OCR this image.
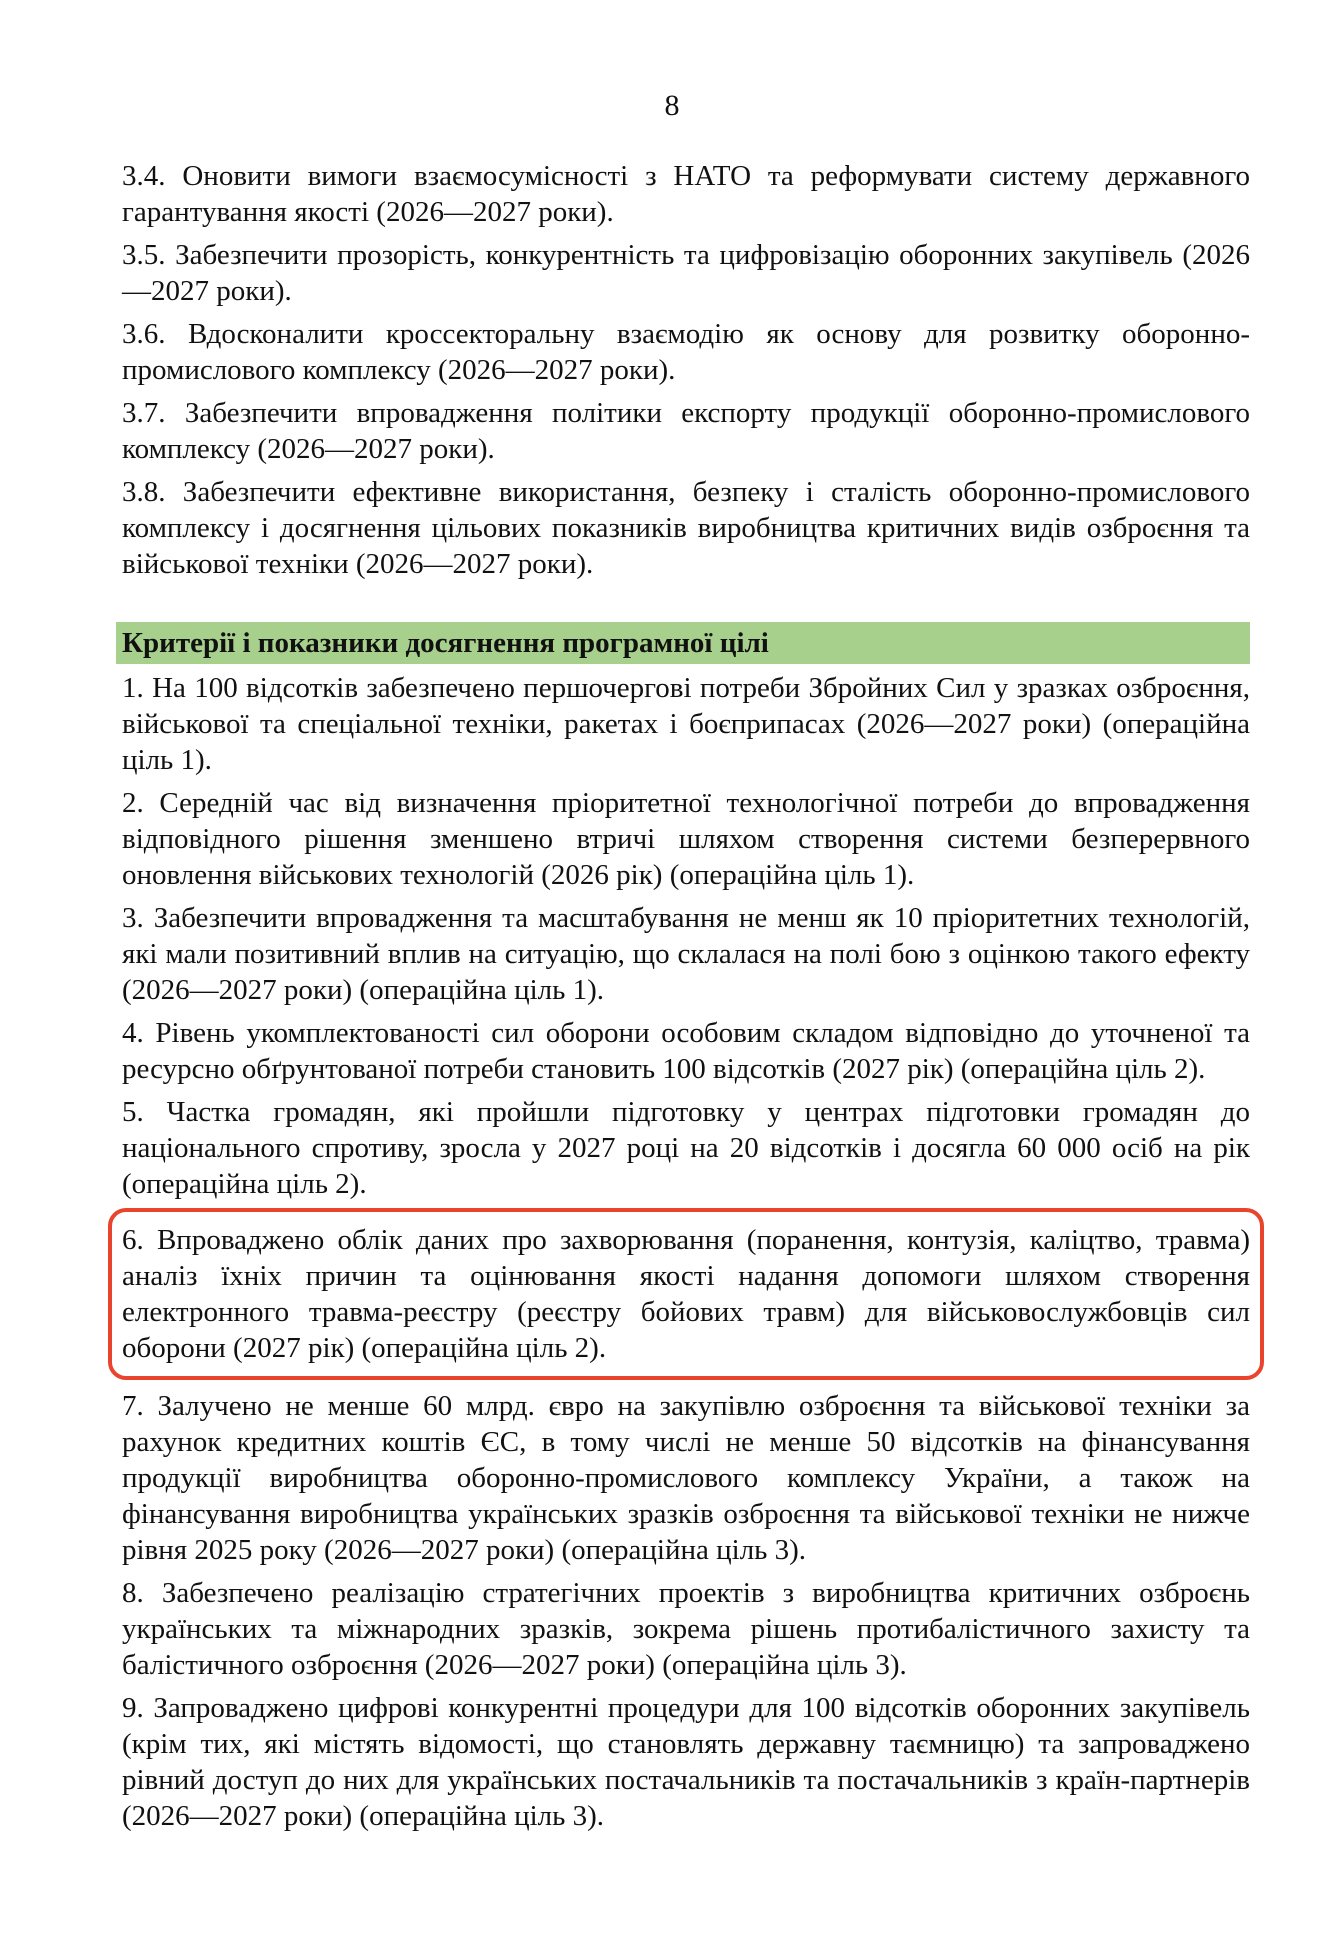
8

3.4. Оновити вимоги взаємосумісності з НАТО та реформувати систему державного гарантування якості (2026—2027 роки).

3.5. Забезпечити прозорість, конкурентність та цифровізацію оборонних закупівель (2026—2027 роки).

3.6. Вдосконалити кроссекторальну взаємодію як основу для розвитку оборонно-промислового комплексу (2026—2027 роки).

3.7. Забезпечити впровадження політики експорту продукції оборонно-промислового комплексу (2026—2027 роки).

3.8. Забезпечити ефективне використання, безпеку і сталість оборонно-промислового комплексу і досягнення цільових показників виробництва критичних видів озброєння та військової техніки (2026—2027 роки).

Критерії і показники досягнення програмної цілі

1. На 100 відсотків забезпечено першочергові потреби Збройних Сил у зразках озброєння, військової та спеціальної техніки, ракетах і боєприпасах (2026—2027 роки) (операційна ціль 1).

2. Середній час від визначення пріоритетної технологічної потреби до впровадження відповідного рішення зменшено втричі шляхом створення системи безперервного оновлення військових технологій (2026 рік) (операційна ціль 1).

3. Забезпечити впровадження та масштабування не менш як 10 пріоритетних технологій, які мали позитивний вплив на ситуацію, що склалася на полі бою з оцінкою такого ефекту (2026—2027 роки) (операційна ціль 1).

4. Рівень укомплектованості сил оборони особовим складом відповідно до уточненої та ресурсно обґрунтованої потреби становить 100 відсотків (2027 рік) (операційна ціль 2).

5. Частка громадян, які пройшли підготовку у центрах підготовки громадян до національного спротиву, зросла у 2027 році на 20 відсотків і досягла 60 000 осіб на рік (операційна ціль 2).

6. Впроваджено облік даних про захворювання (поранення, контузія, каліцтво, травма) аналіз їхніх причин та оцінювання якості надання допомоги шляхом створення електронного травма-реєстру (реєстру бойових травм) для військовослужбовців сил оборони (2027 рік) (операційна ціль 2).

7. Залучено не менше 60 млрд. євро на закупівлю озброєння та військової техніки за рахунок кредитних коштів ЄС, в тому числі не менше 50 відсотків на фінансування продукції виробництва оборонно-промислового комплексу України, а також на фінансування виробництва українських зразків озброєння та військової техніки не нижче рівня 2025 року (2026—2027 роки) (операційна ціль 3).

8. Забезпечено реалізацію стратегічних проектів з виробництва критичних озброєнь українських та міжнародних зразків, зокрема рішень протибалістичного захисту та балістичного озброєння (2026—2027 роки) (операційна ціль 3).

9. Запроваджено цифрові конкурентні процедури для 100 відсотків оборонних закупівель (крім тих, які містять відомості, що становлять державну таємницю) та запроваджено рівний доступ до них для українських постачальників та постачальників з країн-партнерів (2026—2027 роки) (операційна ціль 3).
